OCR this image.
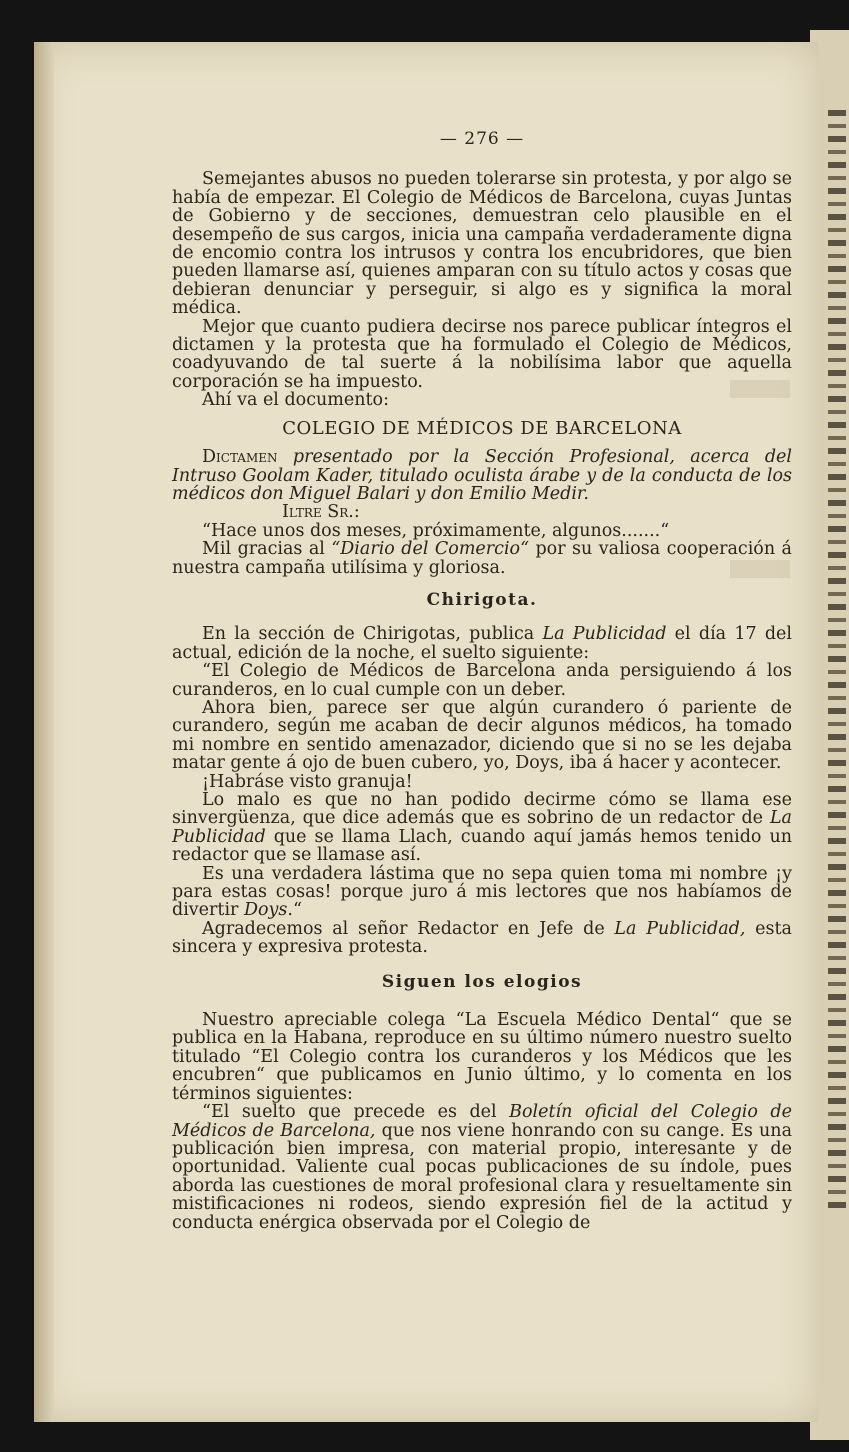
— 276 —

Semejantes abusos no pueden tolerarse sin protesta, y por algo se había de empezar. El Colegio de Médicos de Barcelona, cuyas Juntas de Gobierno y de secciones, demuestran celo plausible en el desempeño de sus cargos, inicia una campaña verdaderamente digna de encomio contra los intrusos y contra los encubridores, que bien pueden llamarse así, quienes amparan con su título actos y cosas que debieran denunciar y perseguir, si algo es y significa la moral médica.

Mejor que cuanto pudiera decirse nos parece publicar íntegros el dictamen y la protesta que ha formulado el Colegio de Médicos, coadyuvando de tal suerte á la nobilísima labor que aquella corporación se ha impuesto.

Ahí va el documento:

COLEGIO DE MÉDICOS DE BARCELONA

Dictamen presentado por la Sección Profesional, acerca del Intruso Goolam Kader, titulado oculista árabe y de la conducta de los médicos don Miguel Balari y don Emilio Medir.

Iltre Sr.:

“Hace unos dos meses, próximamente, algunos.......“

Mil gracias al “Diario del Comercio“ por su valiosa cooperación á nuestra campaña utilísima y gloriosa.

Chirigota.

En la sección de Chirigotas, publica La Publicidad el día 17 del actual, edición de la noche, el suelto siguiente:

“El Colegio de Médicos de Barcelona anda persiguiendo á los curanderos, en lo cual cumple con un deber.

Ahora bien, parece ser que algún curandero ó pariente de curandero, según me acaban de decir algunos médicos, ha tomado mi nombre en sentido amenazador, diciendo que si no se les dejaba matar gente á ojo de buen cubero, yo, Doys, iba á hacer y acontecer.

¡Habráse visto granuja!

Lo malo es que no han podido decirme cómo se llama ese sinvergüenza, que dice además que es sobrino de un redactor de La Publicidad que se llama Llach, cuando aquí jamás hemos tenido un redactor que se llamase así.

Es una verdadera lástima que no sepa quien toma mi nombre ¡y para estas cosas! porque juro á mis lectores que nos habíamos de divertir Doys.“

Agradecemos al señor Redactor en Jefe de La Publicidad, esta sincera y expresiva protesta.

Siguen los elogios

Nuestro apreciable colega “La Escuela Médico Dental“ que se publica en la Habana, reproduce en su último número nuestro suelto titulado “El Colegio contra los curanderos y los Médicos que les encubren“ que publicamos en Junio último, y lo comenta en los términos siguientes:

“El suelto que precede es del Boletín oficial del Colegio de Médicos de Barcelona, que nos viene honrando con su cange. Es una publicación bien impresa, con material propio, interesante y de oportunidad. Valiente cual pocas publicaciones de su índole, pues aborda las cuestiones de moral profesional clara y resueltamente sin mistificaciones ni rodeos, siendo expresión fiel de la actitud y conducta enérgica observada por el Colegio de
